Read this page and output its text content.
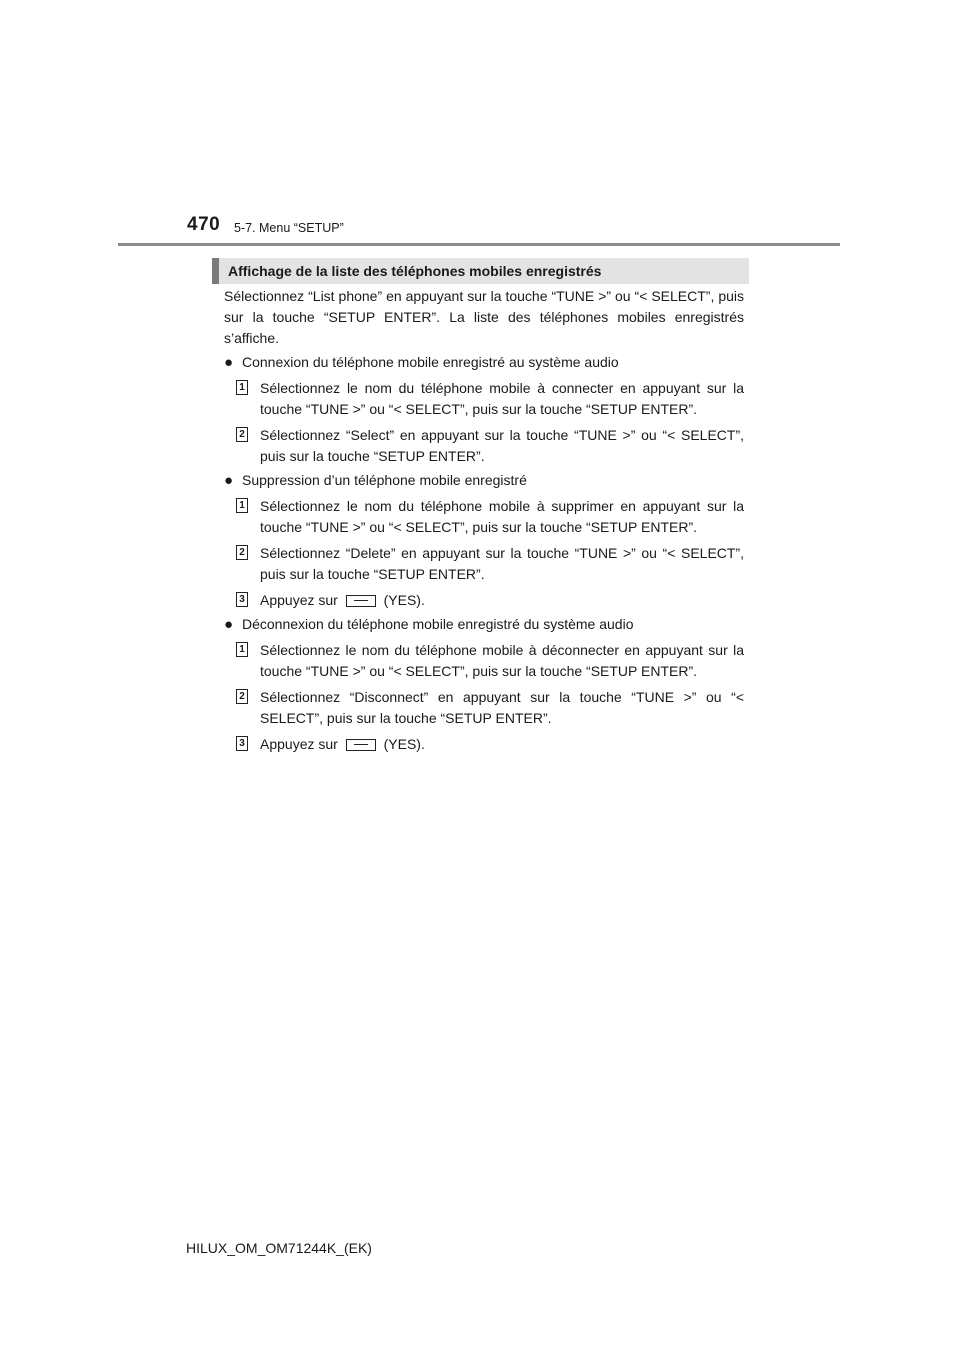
470 5-7. Menu “SETUP”
Affichage de la liste des téléphones mobiles enregistrés

Sélectionnez “List phone” en appuyant sur la touche “TUNE >” ou “< SELECT”, puis sur la touche “SETUP ENTER”. La liste des téléphones mobiles enregistrés s’affiche.

● Connexion du téléphone mobile enregistré au système audio
1 Sélectionnez le nom du téléphone mobile à connecter en appuyant sur la touche “TUNE >” ou “< SELECT”, puis sur la touche “SETUP ENTER”.
2 Sélectionnez “Select” en appuyant sur la touche “TUNE >” ou “< SELECT”, puis sur la touche “SETUP ENTER”.
● Suppression d’un téléphone mobile enregistré
1 Sélectionnez le nom du téléphone mobile à supprimer en appuyant sur la touche “TUNE >” ou “< SELECT”, puis sur la touche “SETUP ENTER”.
2 Sélectionnez “Delete” en appuyant sur la touche “TUNE >” ou “< SELECT”, puis sur la touche “SETUP ENTER”.
3 Appuyez sur	(YES).
● Déconnexion du téléphone mobile enregistré du système audio
1 Sélectionnez le nom du téléphone mobile à déconnecter en appuyant sur la touche “TUNE >” ou “< SELECT”, puis sur la touche “SETUP ENTER”.
2 Sélectionnez “Disconnect” en appuyant sur la touche “TUNE >” ou “< SELECT”, puis sur la touche “SETUP ENTER”.
3 Appuyez sur	(YES).
HILUX_OM_OM71244K_(EK)
